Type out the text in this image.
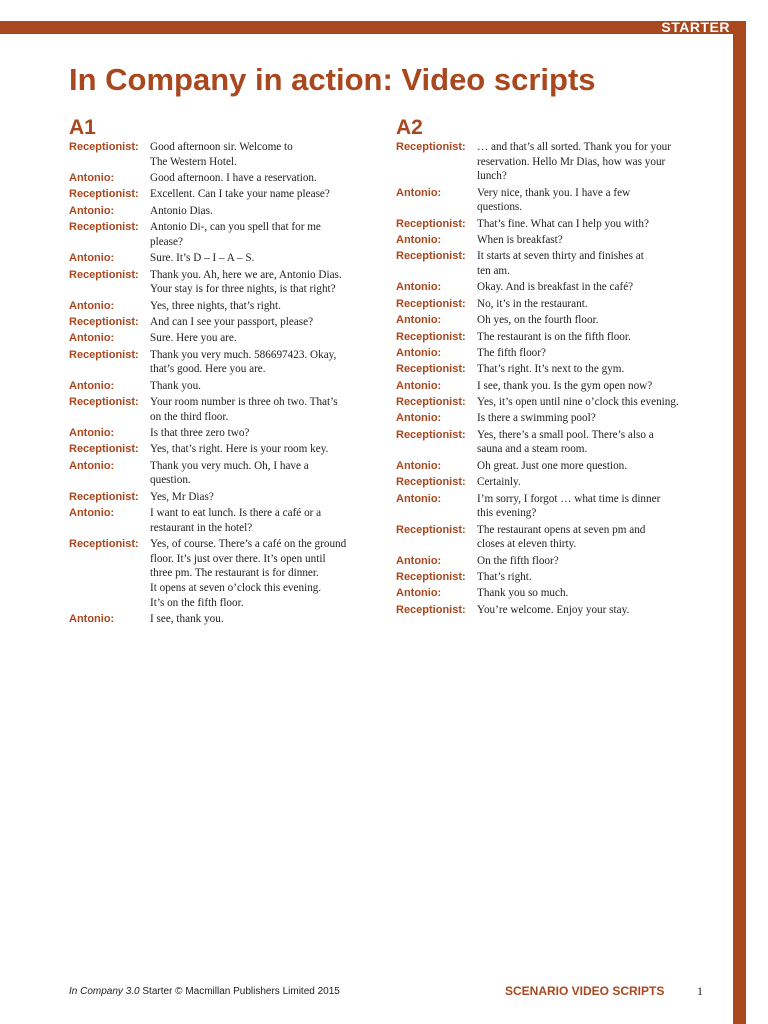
STARTER
In Company in action: Video scripts
A1
Receptionist:	Good afternoon sir. Welcome to
The Western Hotel.
Antonio:	Good afternoon. I have a reservation.
Receptionist:	Excellent. Can I take your name please?
Antonio:	Antonio Dias.
Receptionist:	Antonio Di-, can you spell that for me
please?
Antonio:	Sure. It’s D – I – A – S.
Receptionist:	Thank you. Ah, here we are, Antonio Dias.
Your stay is for three nights, is that right?
Antonio:	Yes, three nights, that’s right.
Receptionist:	And can I see your passport, please?
Antonio:	Sure. Here you are.
Receptionist:	Thank you very much. 586697423. Okay,
that’s good. Here you are.
Antonio:	Thank you.
Receptionist:	Your room number is three oh two. That’s
on the third floor.
Antonio:	Is that three zero two?
Receptionist:	Yes, that’s right. Here is your room key.
Antonio:	Thank you very much. Oh, I have a
question.
Receptionist:	Yes, Mr Dias?
Antonio:	I want to eat lunch. Is there a café or a
restaurant in the hotel?
Receptionist:	Yes, of course. There’s a café on the ground
floor. It’s just over there. It’s open until
three pm. The restaurant is for dinner.
It opens at seven o’clock this evening.
It’s on the fifth floor.
Antonio:	I see, thank you.
A2
Receptionist:	… and that’s all sorted. Thank you for your
reservation. Hello Mr Dias, how was your
lunch?
Antonio:	Very nice, thank you. I have a few
questions.
Receptionist:	That’s fine. What can I help you with?
Antonio:	When is breakfast?
Receptionist:	It starts at seven thirty and finishes at
ten am.
Antonio:	Okay. And is breakfast in the café?
Receptionist:	No, it’s in the restaurant.
Antonio:	Oh yes, on the fourth floor.
Receptionist:	The restaurant is on the fifth floor.
Antonio:	The fifth floor?
Receptionist:	That’s right. It’s next to the gym.
Antonio:	I see, thank you. Is the gym open now?
Receptionist:	Yes, it’s open until nine o’clock this evening.
Antonio:	Is there a swimming pool?
Receptionist:	Yes, there’s a small pool. There’s also a
sauna and a steam room.
Antonio:	Oh great. Just one more question.
Receptionist:	Certainly.
Antonio:	I’m sorry, I forgot … what time is dinner
this evening?
Receptionist:	The restaurant opens at seven pm and
closes at eleven thirty.
Antonio:	On the fifth floor?
Receptionist:	That’s right.
Antonio:	Thank you so much.
Receptionist:	You’re welcome. Enjoy your stay.
In Company 3.0 Starter © Macmillan Publishers Limited 2015	SCENARIO VIDEO SCRIPTS	1
